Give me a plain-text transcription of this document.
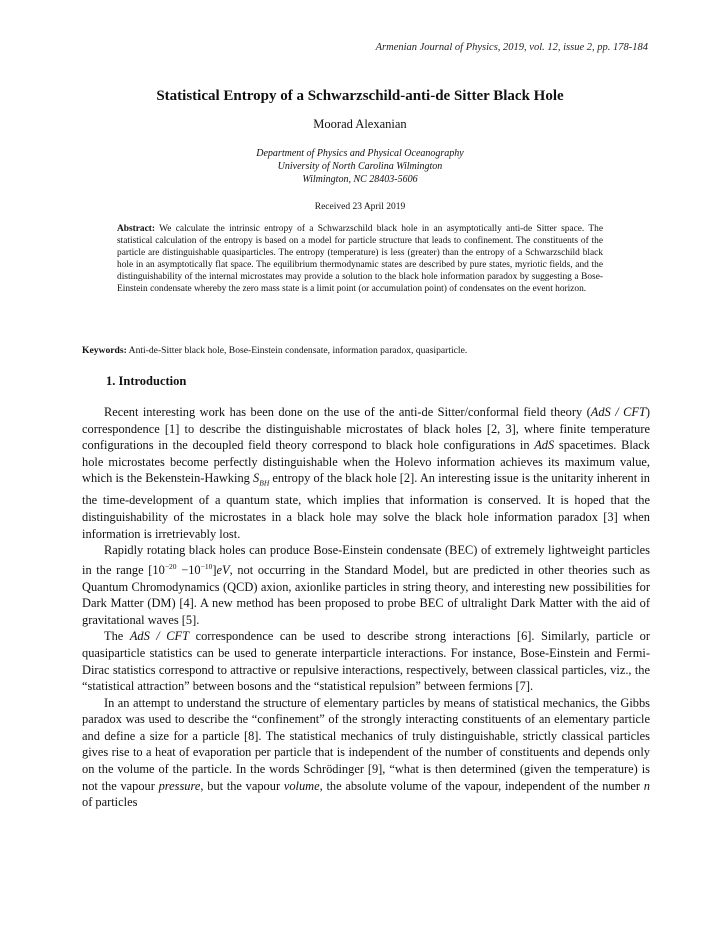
Armenian Journal of Physics, 2019, vol. 12, issue 2, pp. 178-184
Statistical Entropy of a Schwarzschild-anti-de Sitter Black Hole
Moorad Alexanian
Department of Physics and Physical Oceanography
University of North Carolina Wilmington
Wilmington, NC 28403-5606
Received 23 April 2019
Abstract: We calculate the intrinsic entropy of a Schwarzschild black hole in an asymptotically anti-de Sitter space. The statistical calculation of the entropy is based on a model for particle structure that leads to confinement. The constituents of the particle are distinguishable quasiparticles. The entropy (temperature) is less (greater) than the entropy of a Schwarzschild black hole in an asymptotically flat space. The equilibrium thermodynamic states are described by pure states, myriotic fields, and the distinguishability of the internal microstates may provide a solution to the black hole information paradox by suggesting a Bose-Einstein condensate whereby the zero mass state is a limit point (or accumulation point) of condensates on the event horizon.
Keywords: Anti-de-Sitter black hole, Bose-Einstein condensate, information paradox, quasiparticle.
1. Introduction

Recent interesting work has been done on the use of the anti-de Sitter/conformal field theory (AdS / CFT) correspondence [1] to describe the distinguishable microstates of black holes [2, 3], where finite temperature configurations in the decoupled field theory correspond to black hole configurations in AdS spacetimes. Black hole microstates become perfectly distinguishable when the Holevo information achieves its maximum value, which is the Bekenstein-Hawking $S_{BH}$ entropy of the black hole [2]. An interesting issue is the unitarity inherent in the time-development of a quantum state, which implies that information is conserved. It is hoped that the distinguishability of the microstates in a black hole may solve the black hole information paradox [3] when information is irretrievably lost.

Rapidly rotating black holes can produce Bose-Einstein condensate (BEC) of extremely lightweight particles in the range $[10^{-20} -10^{-10}]eV$, not occurring in the Standard Model, but are predicted in other theories such as Quantum Chromodynamics (QCD) axion, axionlike particles in string theory, and interesting new possibilities for Dark Matter (DM) [4]. A new method has been proposed to probe BEC of ultralight Dark Matter with the aid of gravitational waves [5].

The AdS / CFT correspondence can be used to describe strong interactions [6]. Similarly, particle or quasiparticle statistics can be used to generate interparticle interactions. For instance, Bose-Einstein and Fermi-Dirac statistics correspond to attractive or repulsive interactions, respectively, between classical particles, viz., the “statistical attraction” between bosons and the “statistical repulsion” between fermions [7].

In an attempt to understand the structure of elementary particles by means of statistical mechanics, the Gibbs paradox was used to describe the “confinement” of the strongly interacting constituents of an elementary particle and define a size for a particle [8]. The statistical mechanics of truly distinguishable, strictly classical particles gives rise to a heat of evaporation per particle that is independent of the number of constituents and depends only on the volume of the particle. In the words Schrödinger [9], “what is then determined (given the temperature) is not the vapour pressure, but the vapour volume, the absolute volume of the vapour, independent of the number n of particles
